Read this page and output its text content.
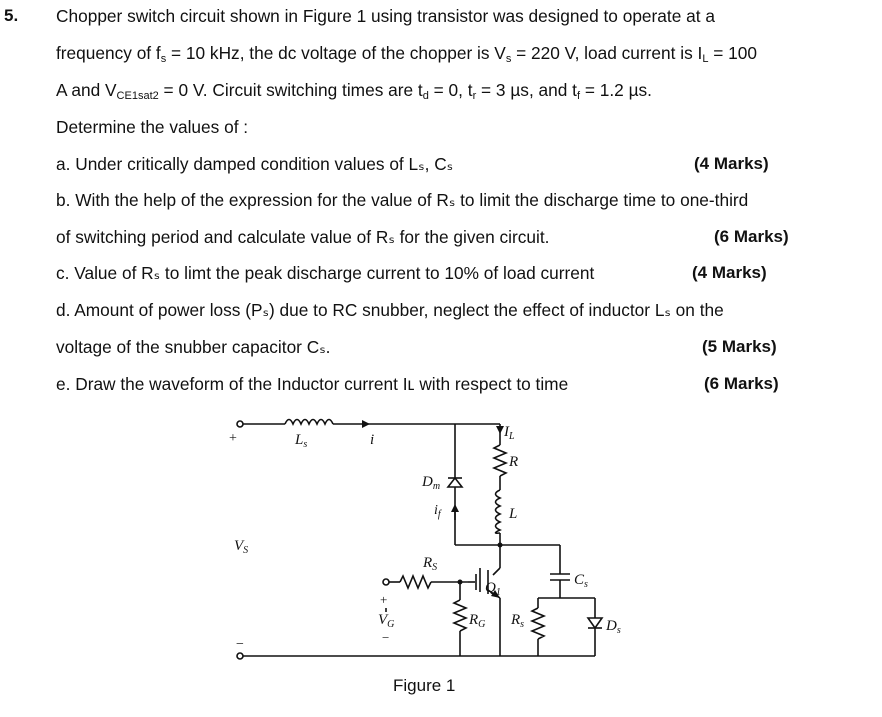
5. Chopper switch circuit shown in Figure 1 using transistor was designed to operate at a
frequency of $f_s = 10$ kHz, the dc voltage of the chopper is $V_s = 220$ V, load current is $I_L = 100$
A and $V_{CE1sat2} = 0$ V. Circuit switching times are $t_d = 0$, $t_r = 3$ µs, and $t_f = 1.2$ µs.
Determine the values of :
a. Under critically damped condition values of Lₛ, Cₛ	(4 Marks)
b. With the help of the expression for the value of Rₛ to limit the discharge time to one-third
of switching period and calculate value of Rₛ for the given circuit.	(6 Marks)
c. Value of Rₛ to limt the peak discharge current to 10% of load current	(4 Marks)
d. Amount of power loss (Pₛ) due to RC snubber, neglect the effect of inductor Lₛ on the
voltage of the snubber capacitor Cₛ.	(5 Marks)
e. Draw the waveform of the Inductor current Iʟ with respect to time	(6 Marks)
+	$L_s$	i	$I_L$
R
$D_m$
L
$i_f$
$V_S$
$R_S$
$Q_1$
$C_s$
+
$V_G$	$R_G$ $R_s$	$D_s$
−
−
Figure 1
